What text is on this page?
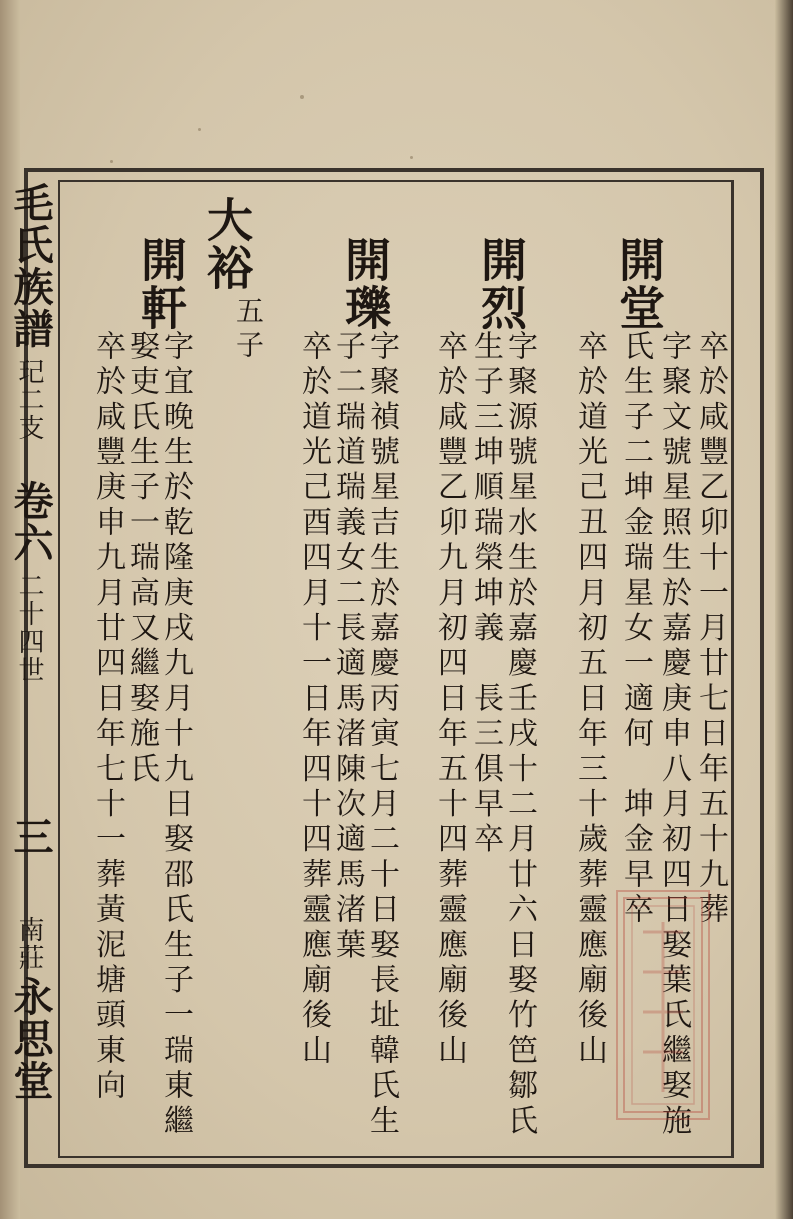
毛氏族譜
玘二支
卷六
二十四世
三
南莊
永思堂
卒於咸豐乙卯十一月廿七日年五十九葬
開堂
字聚文號星照生於嘉慶庚申八月初四日娶葉氏繼娶施
氏生子二坤金瑞星女一適何　坤金早卒
卒於道光己丑四月初五日年三十歲葬靈應廟後山
開烈
字聚源號星水生於嘉慶壬戌十二月廿六日娶竹笆鄒氏
生子三坤順瑞榮坤義　長三俱早卒
卒於咸豐乙卯九月初四日年五十四葬靈應廟後山
開瓅
字聚禎號星吉生於嘉慶丙寅七月二十日娶長址韓氏生
子二瑞道瑞義女二長適馬渚陳次適馬渚葉
卒於道光己酉四月十一日年四十四葬靈應廟後山
大裕
五子
開軒
字宜晚生於乾隆庚戌九月十九日娶邵氏生子一瑞東繼
娶吏氏生子一瑞高又繼娶施氏
卒於咸豐庚申九月廿四日年七十一葬黃泥塘頭東向
